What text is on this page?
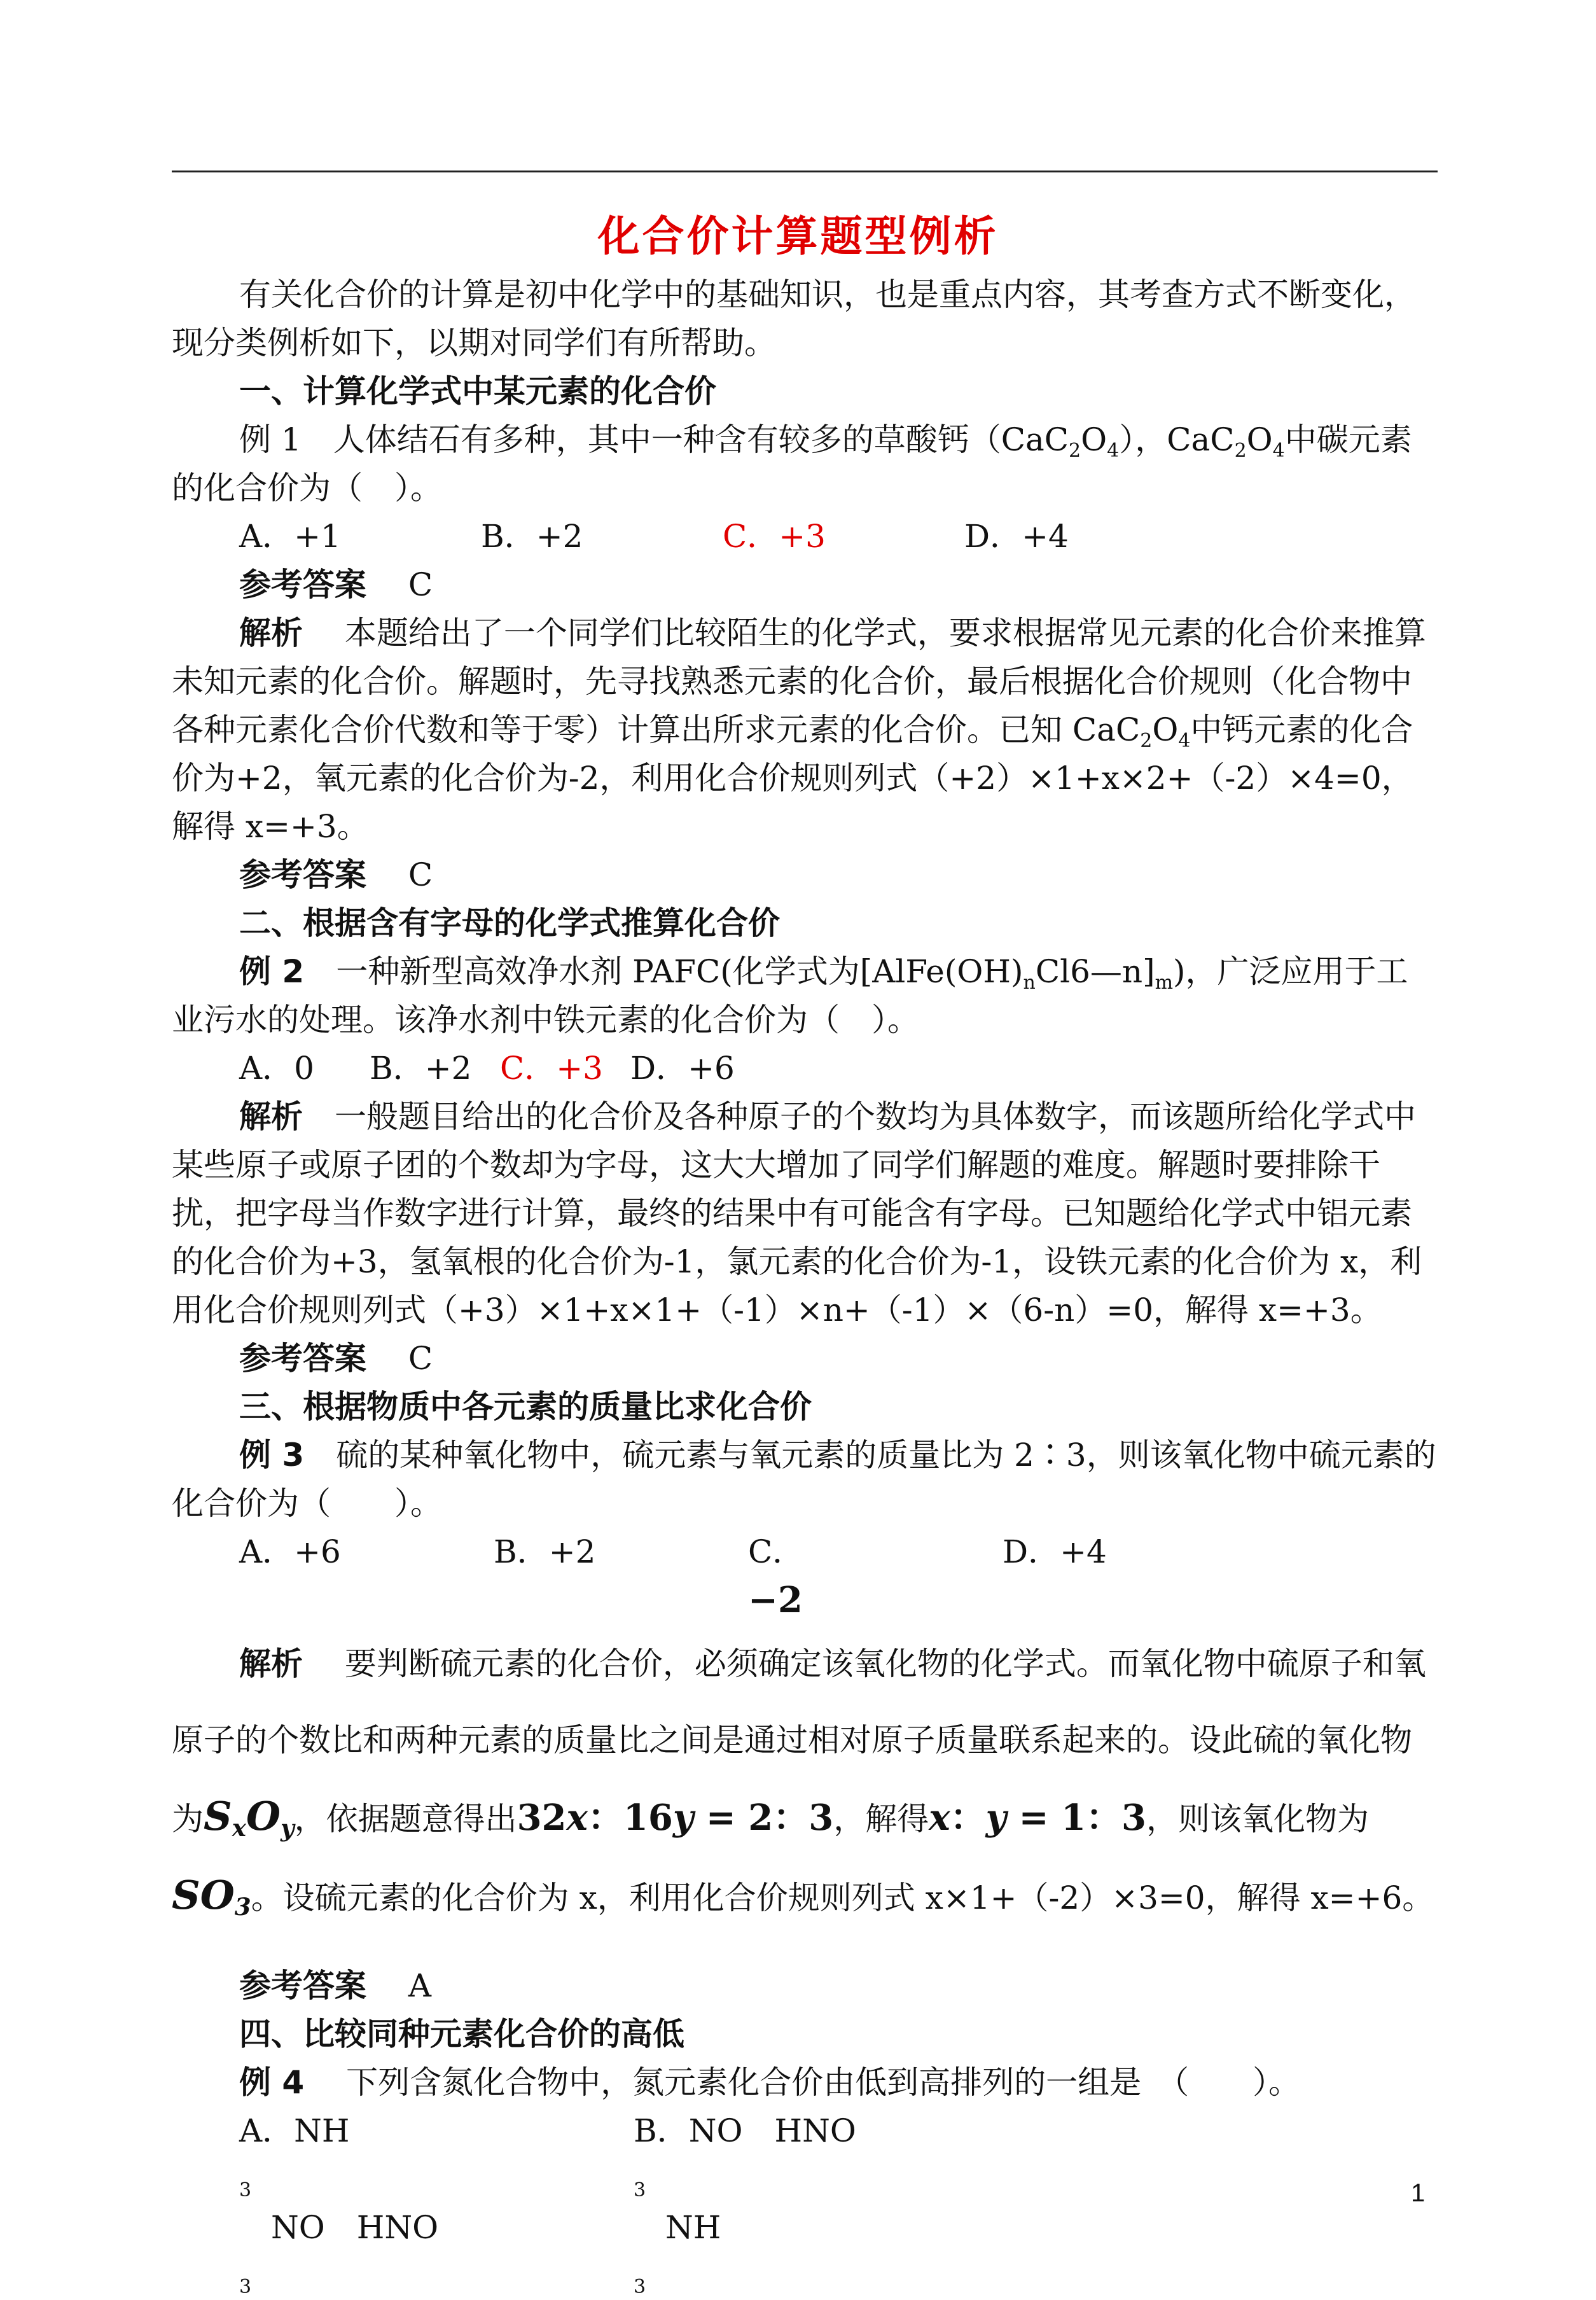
化合价计算题型例析

有关化合价的计算是初中化学中的基础知识，也是重点内容，其考查方式不断变化，现分类例析如下，以期对同学们有所帮助。

一、计算化学式中某元素的化合价

例 1　 人体结石有多种，其中一种含有较多的草酸钙$(CaC_2O_4)$，$CaC_2O_4$中碳元素的化合价为（　）。

A．+1	B．+2	C．+3	D．+4

参考答案　 C

解析　 本题给出了一个同学们比较陌生的化学式，要求根据常见元素的化合价来推算未知元素的化合价。解题时，先寻找熟悉元素的化合价，最后根据化合价规则（化合物中各种元素化合价代数和等于零）计算出所求元素的化合价。已知 $CaC_2O_4$中钙元素的化合价为+2，氧元素的化合价为-2，利用化合价规则列式（+2）×1+x×2+（-2）×4=0，解得 x=+3。

参考答案　 C

二、根据含有字母的化学式推算化合价

例 2　 一种新型高效净水剂 PAFC(化学式为$[AlFe(OH)_nCl6—n]_m$)，广泛应用于工业污水的处理。该净水剂中铁元素的化合价为（　）。

A．0	B．+2 C．+3 D．+6

解析　 一般题目给出的化合价及各种原子的个数均为具体数字，而该题所给化学式中某些原子或原子团的个数却为字母，这大大增加了同学们解题的难度。解题时要排除干扰，把字母当作数字进行计算，最终的结果中有可能含有字母。已知题给化学式中铝元素的化合价为+3，氢氧根的化合价为-1，氯元素的化合价为-1，设铁元素的化合价为 x，利用化合价规则列式（+3）×1+x×1+（-1）×n+（-1）×（6-n）=0，解得 x=+3。

参考答案　 C

三、根据物质中各元素的质量比求化合价

例 3　 硫的某种氧化物中，硫元素与氧元素的质量比为 2∶3，则该氧化物中硫元素的化合价为（　　）。

A．+6	B．+2	C．−2
D．+4

解析　 要判断硫元素的化合价，必须确定该氧化物的化学式。而氧化物中硫原子和氧原子的个数比和两种元素的质量比之间是通过相对原子质量联系起来的。设此硫的氧化物为$S_xO_y$，依据题意得出32x：16y = 2：3，解得x：y = 1：3，则该氧化物为$SO_3$。设硫元素的化合价为 x，利用化合价规则列式 x×1+（-2）×3=0，解得 x=+6。

参考答案　 A

四、比较同种元素化合价的高低

例 4　 下列含氮化合物中，氮元素化合价由低到高排列的一组是　（　　）。

A．$NH_3$　NO　$HNO_3$
B．NO　$HNO_3$　$NH_3$
1
